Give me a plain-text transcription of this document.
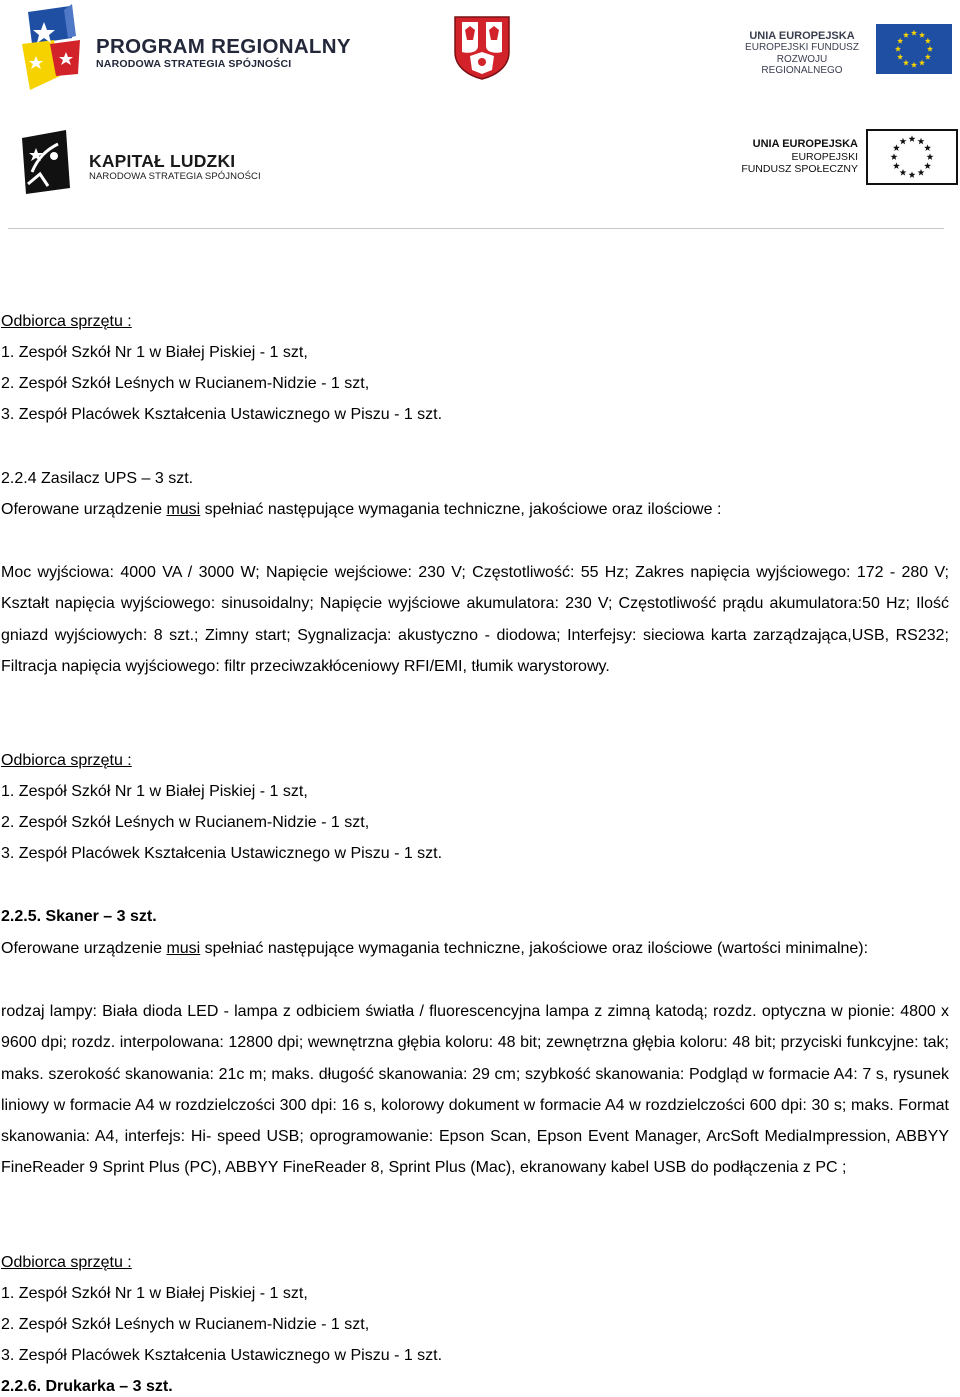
PROGRAM REGIONALNY
NARODOWA STRATEGIA SPÓJNOŚCI
UNIA EUROPEJSKA
EUROPEJSKI FUNDUSZ
ROZWOJU REGIONALNEGO
KAPITAŁ LUDZKI
NARODOWA STRATEGIA SPÓJNOŚCI
UNIA EUROPEJSKA
EUROPEJSKI
FUNDUSZ SPOŁECZNY
Odbiorca sprzętu :
1. Zespół Szkół Nr 1 w Białej Piskiej - 1 szt,
2. Zespół Szkół Leśnych w Rucianem-Nidzie - 1 szt,
3. Zespół Placówek Kształcenia Ustawicznego w Piszu - 1 szt.
2.2.4 Zasilacz UPS – 3 szt.
Oferowane urządzenie musi spełniać następujące wymagania techniczne, jakościowe oraz ilościowe :
Moc wyjściowa: 4000 VA / 3000 W; Napięcie wejściowe: 230 V; Częstotliwość: 55 Hz; Zakres napięcia wyjściowego: 172 - 280 V; Kształt napięcia wyjściowego: sinusoidalny; Napięcie wyjściowe akumulatora: 230 V; Częstotliwość prądu akumulatora:50 Hz; Ilość gniazd wyjściowych: 8 szt.; Zimny start; Sygnalizacja: akustyczno - diodowa; Interfejsy: sieciowa karta zarządzająca,USB, RS232; Filtracja napięcia wyjściowego: filtr przeciwzakłóceniowy RFI/EMI, tłumik warystorowy.
Odbiorca sprzętu :
1. Zespół Szkół Nr 1 w Białej Piskiej - 1 szt,
2. Zespół Szkół Leśnych w Rucianem-Nidzie - 1 szt,
3. Zespół Placówek Kształcenia Ustawicznego w Piszu - 1 szt.
2.2.5. Skaner – 3 szt.
Oferowane urządzenie musi spełniać następujące wymagania techniczne, jakościowe oraz ilościowe (wartości minimalne):
rodzaj lampy: Biała dioda LED - lampa z odbiciem światła / fluorescencyjna lampa z zimną katodą; rozdz. optyczna w pionie: 4800 x 9600 dpi; rozdz. interpolowana: 12800 dpi; wewnętrzna głębia koloru: 48 bit; zewnętrzna głębia koloru: 48 bit; przyciski funkcyjne: tak; maks. szerokość skanowania: 21c m; maks. długość skanowania: 29 cm; szybkość skanowania: Podgląd w formacie A4: 7 s, rysunek liniowy w formacie A4 w rozdzielczości 300 dpi: 16 s, kolorowy dokument w formacie A4 w rozdzielczości 600 dpi: 30 s; maks. Format skanowania: A4, interfejs: Hi- speed USB; oprogramowanie: Epson Scan, Epson Event Manager, ArcSoft MediaImpression, ABBYY FineReader 9 Sprint Plus (PC), ABBYY FineReader 8, Sprint Plus (Mac), ekranowany kabel USB do podłączenia z PC ;
Odbiorca sprzętu :
1. Zespół Szkół Nr 1 w Białej Piskiej - 1 szt,
2. Zespół Szkół Leśnych w Rucianem-Nidzie - 1 szt,
3. Zespół Placówek Kształcenia Ustawicznego w Piszu - 1 szt.
2.2.6. Drukarka – 3 szt.
